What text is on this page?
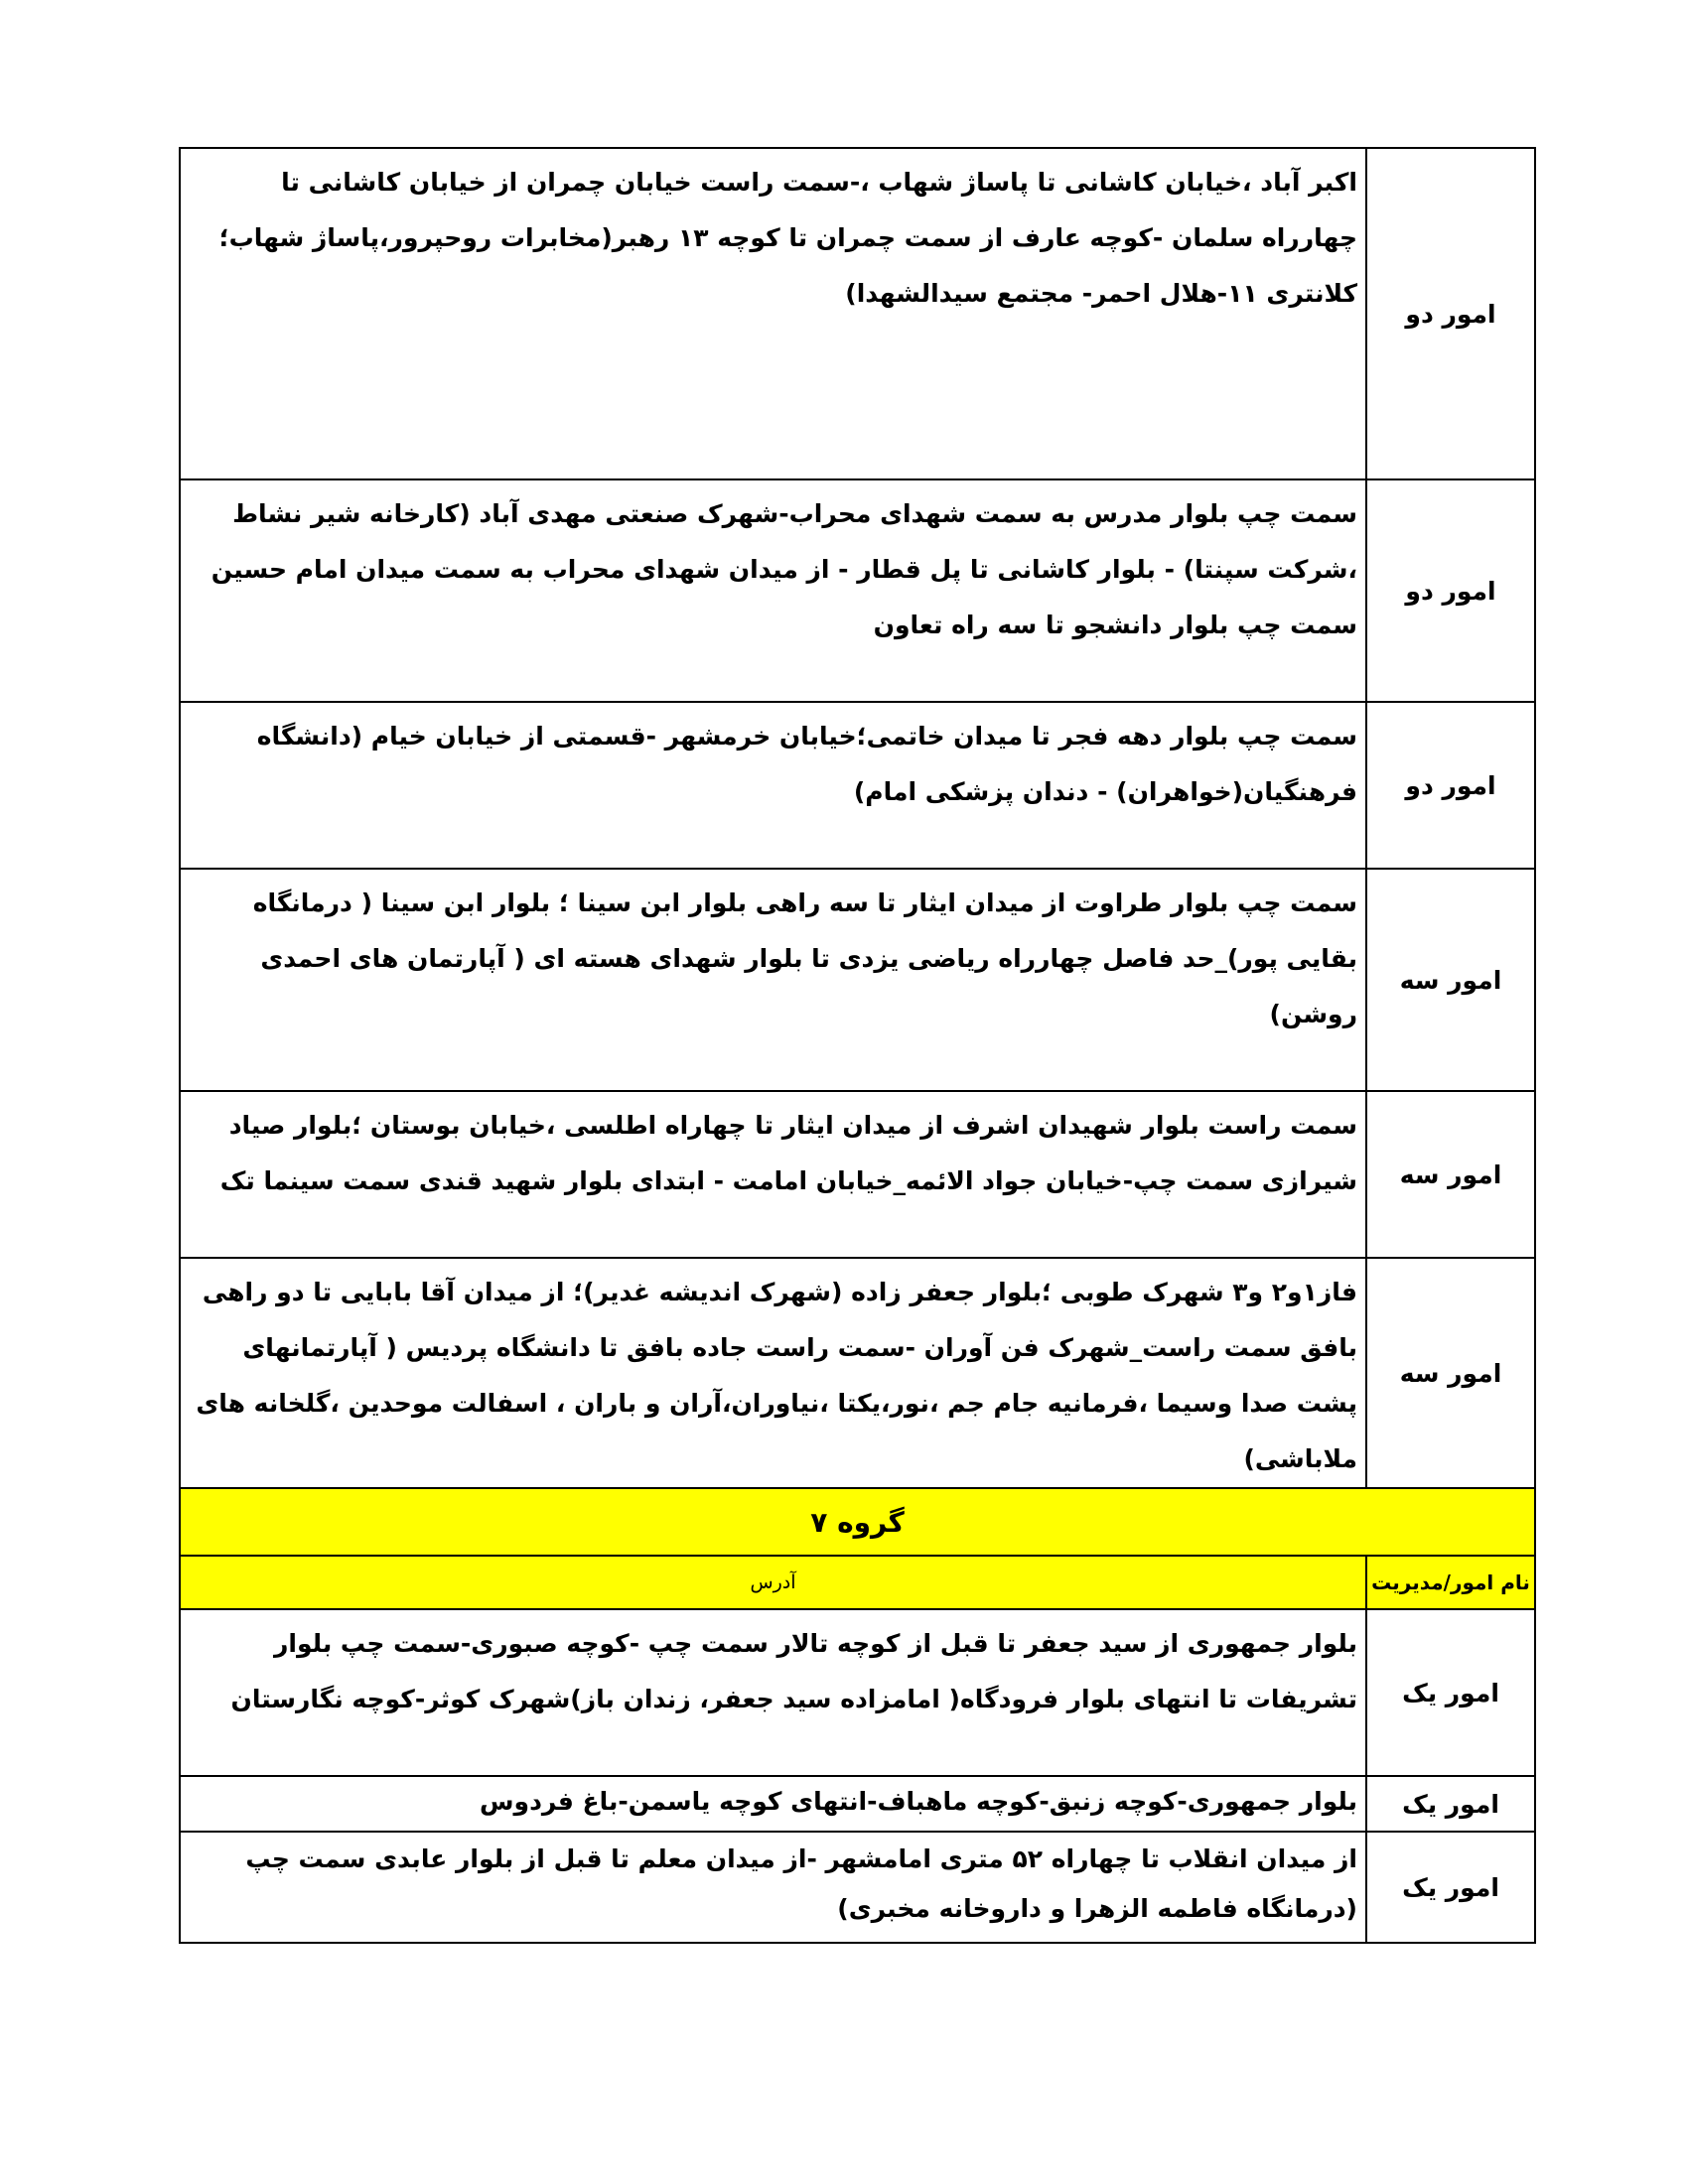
امور دو	اکبر آباد ،خیابان کاشانی تا پاساژ شهاب ،-سمت راست خیابان چمران از خیابان کاشانی تا چهارراه سلمان -کوچه عارف از سمت چمران تا کوچه ۱۳ رهبر(مخابرات روحپرور،پاساژ شهاب؛ کلانتری ۱۱-هلال احمر- مجتمع سیدالشهدا)
امور دو	سمت چپ بلوار مدرس به سمت شهدای محراب-شهرک صنعتی مهدی آباد (کارخانه شیر نشاط ،شرکت سپنتا) - بلوار کاشانی تا پل قطار - از میدان شهدای محراب به سمت میدان امام حسین سمت چپ بلوار دانشجو تا سه راه تعاون
امور دو	سمت چپ بلوار دهه فجر تا میدان خاتمی؛خیابان خرمشهر -قسمتی از خیابان خیام (دانشگاه فرهنگیان(خواهران) - دندان پزشکی امام)
امور سه	سمت چپ بلوار طراوت از میدان ایثار تا سه راهی بلوار ابن سینا ؛ بلوار ابن سینا ( درمانگاه بقایی پور)_حد فاصل چهارراه ریاضی یزدی تا بلوار شهدای هسته ای ( آپارتمان های احمدی روشن)
امور سه	سمت راست بلوار شهیدان اشرف از میدان ایثار تا چهاراه اطلسی ،خیابان بوستان ؛بلوار صیاد شیرازی سمت چپ-خیابان جواد الائمه_خیابان امامت - ابتدای بلوار شهید قندی سمت سینما تک
امور سه	فاز۱و۲ و۳ شهرک طوبی ؛بلوار جعفر زاده (شهرک اندیشه غدیر)؛ از میدان آقا بابایی تا دو راهی بافق سمت راست_شهرک فن آوران -سمت راست جاده بافق تا دانشگاه پردیس ( آپارتمانهای پشت صدا وسیما ،فرمانیه جام جم ،نور،یکتا ،نیاوران،آران و باران ، اسفالت موحدین ،گلخانه های ملاباشی)
گروه ۷	
نام امور/مدیریت	آدرس
امور یک	بلوار جمهوری از سید جعفر تا قبل از کوچه تالار سمت چپ -کوچه صبوری-سمت چپ بلوار تشریفات تا انتهای بلوار فرودگاه( امامزاده سید جعفر، زندان باز)شهرک کوثر-کوچه نگارستان
امور یک	بلوار جمهوری-کوچه زنبق-کوچه ماهباف-انتهای کوچه یاسمن-باغ فردوس
امور یک	از میدان انقلاب تا چهاراه ۵۲ متری امامشهر -از میدان معلم تا قبل از بلوار عابدی سمت چپ (درمانگاه فاطمه الزهرا و داروخانه مخبری)
